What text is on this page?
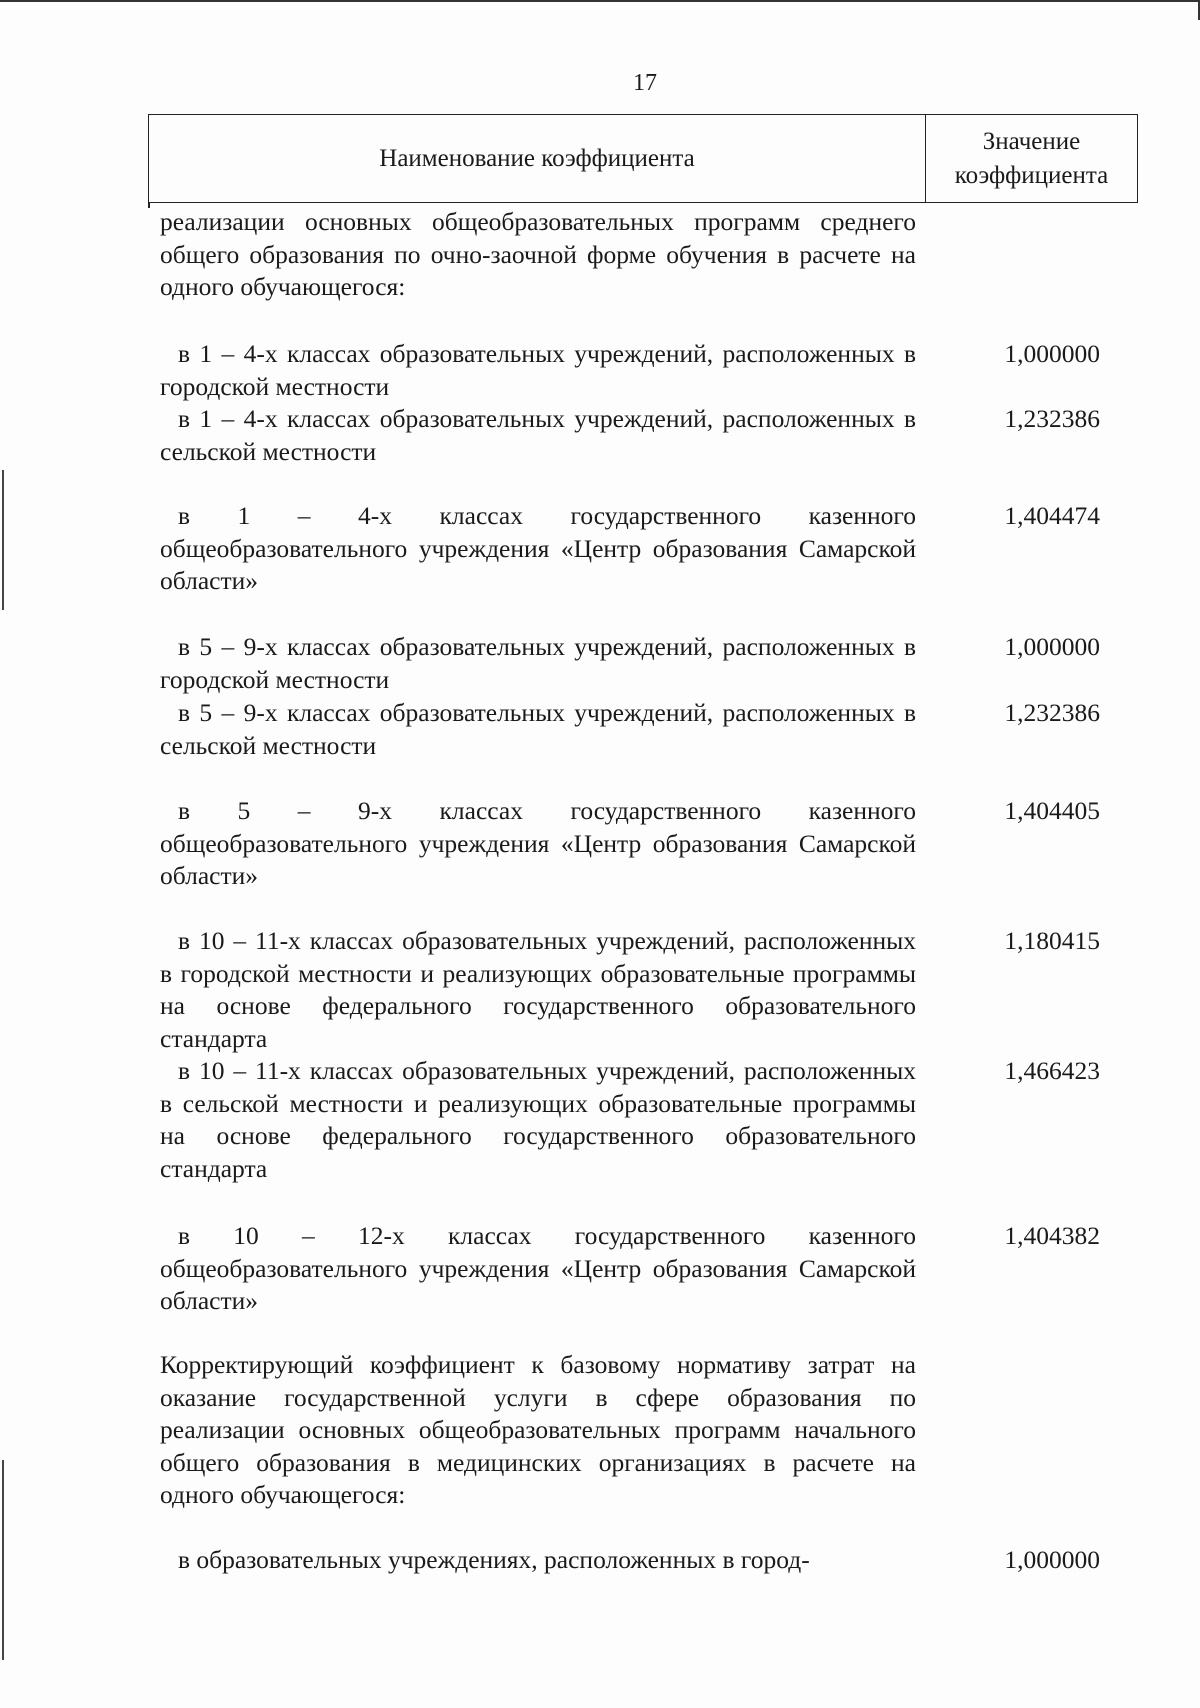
17
Наименование коэффициента
Значение коэффициента
реализации основных общеобразовательных программ среднего общего образования по очно-заочной форме обучения в расчете на одного обучающегося:
в 1 – 4-х классах образовательных учреждений, расположенных в городской местности
1,000000
в 1 – 4-х классах образовательных учреждений, расположенных в сельской местности
1,232386
в 1 – 4-х классах государственного казенного общеобразовательного учреждения «Центр образования Самарской области»
1,404474
в 5 – 9-х классах образовательных учреждений, расположенных в городской местности
1,000000
в 5 – 9-х классах образовательных учреждений, расположенных в сельской местности
1,232386
в 5 – 9-х классах государственного казенного общеобразовательного учреждения «Центр образования Самарской области»
1,404405
в 10 – 11-х классах образовательных учреждений, расположенных в городской местности и реализующих образовательные программы на основе федерального государственного образовательного стандарта
1,180415
в 10 – 11-х классах образовательных учреждений, расположенных в сельской местности и реализующих образовательные программы на основе федерального государственного образовательного стандарта
1,466423
в 10 – 12-х классах государственного казенного общеобразовательного учреждения «Центр образования Самарской области»
1,404382
Корректирующий коэффициент к базовому нормативу затрат на оказание государственной услуги в сфере образования по реализации основных общеобразовательных программ начального общего образования в медицинских организациях в расчете на одного обучающегося:
в образовательных учреждениях, расположенных в город-	1,000000
